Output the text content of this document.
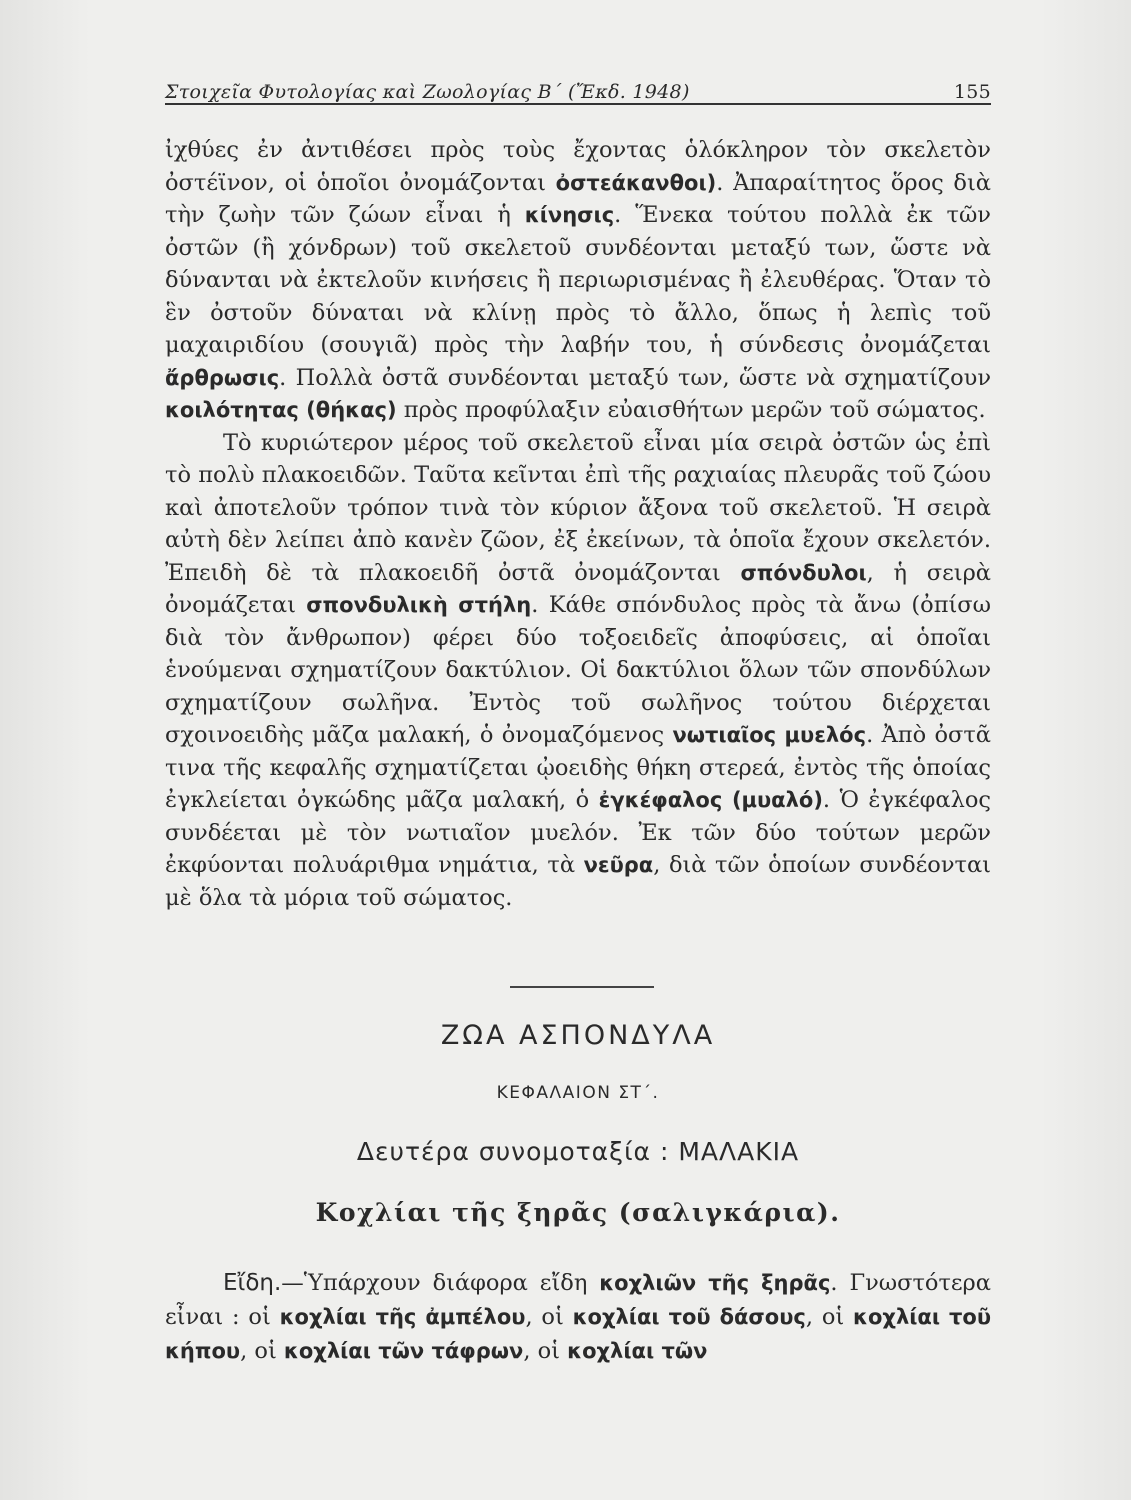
Στοιχεῖα Φυτολογίας καὶ Ζωολογίας Β΄ (Ἔκδ. 1948)	155

ἰχθύες ἐν ἀντιθέσει πρὸς τοὺς ἔχοντας ὁλόκληρον τὸν σκελετὸν ὀστέϊνον, οἱ ὁποῖοι ὀνομάζονται ὀστεάκανθοι). Ἀπαραίτητος ὅρος διὰ τὴν ζωὴν τῶν ζώων εἶναι ἡ κίνησις. Ἕνεκα τούτου πολλὰ ἐκ τῶν ὀστῶν (ἢ χόνδρων) τοῦ σκελετοῦ συνδέονται μεταξύ των, ὥστε νὰ δύνανται νὰ ἐκτελοῦν κινήσεις ἢ περιωρισμένας ἢ ἐλευθέρας. Ὅταν τὸ ἓν ὀστοῦν δύναται νὰ κλίνῃ πρὸς τὸ ἄλλο, ὅπως ἡ λεπὶς τοῦ μαχαιριδίου (σουγιᾶ) πρὸς τὴν λαβήν του, ἡ σύνδεσις ὀνομάζεται ἄρθρωσις. Πολλὰ ὀστᾶ συνδέονται μεταξύ των, ὥστε νὰ σχηματίζουν κοιλότητας (θήκας) πρὸς προφύλαξιν εὐαισθήτων μερῶν τοῦ σώματος.

Τὸ κυριώτερον μέρος τοῦ σκελετοῦ εἶναι μία σειρὰ ὀστῶν ὡς ἐπὶ τὸ πολὺ πλακοειδῶν. Ταῦτα κεῖνται ἐπὶ τῆς ραχιαίας πλευρᾶς τοῦ ζώου καὶ ἀποτελοῦν τρόπον τινὰ τὸν κύριον ἄξονα τοῦ σκελετοῦ. Ἡ σειρὰ αὐτὴ δὲν λείπει ἀπὸ κανὲν ζῶον, ἐξ ἐκείνων, τὰ ὁποῖα ἔχουν σκελετόν. Ἐπειδὴ δὲ τὰ πλακοειδῆ ὀστᾶ ὀνομάζονται σπόνδυλοι, ἡ σειρὰ ὀνομάζεται σπονδυλικὴ στήλη. Κάθε σπόνδυλος πρὸς τὰ ἄνω (ὀπίσω διὰ τὸν ἄνθρωπον) φέρει δύο τοξοειδεῖς ἀποφύσεις, αἱ ὁποῖαι ἑνούμεναι σχηματίζουν δακτύλιον. Οἱ δακτύλιοι ὅλων τῶν σπονδύλων σχηματίζουν σωλῆνα. Ἐντὸς τοῦ σωλῆνος τούτου διέρχεται σχοινοειδὴς μᾶζα μαλακή, ὁ ὀνομαζόμενος νωτιαῖος μυελός. Ἀπὸ ὀστᾶ τινα τῆς κεφαλῆς σχηματίζεται ᾠοειδὴς θήκη στερεά, ἐντὸς τῆς ὁποίας ἐγκλείεται ὀγκώδης μᾶζα μαλακή, ὁ ἐγκέφαλος (μυαλό). Ὁ ἐγκέφαλος συνδέεται μὲ τὸν νωτιαῖον μυελόν. Ἐκ τῶν δύο τούτων μερῶν ἐκφύονται πολυάριθμα νημάτια, τὰ νεῦρα, διὰ τῶν ὁποίων συνδέονται μὲ ὅλα τὰ μόρια τοῦ σώματος.

ΖΩΑ ΑΣΠΟΝΔΥΛΑ
ΚΕΦΑΛΑΙΟΝ ΣΤ΄.
Δευτέρα συνομοταξία : ΜΑΛΑΚΙΑ
Κοχλίαι τῆς ξηρᾶς (σαλιγκάρια).

Εἴδη.—Ὑπάρχουν διάφορα εἴδη κοχλιῶν τῆς ξηρᾶς. Γνωστότερα εἶναι : οἱ κοχλίαι τῆς ἀμπέλου, οἱ κοχλίαι τοῦ δάσους, οἱ κοχλίαι τοῦ κήπου, οἱ κοχλίαι τῶν τάφρων, οἱ κοχλίαι τῶν
